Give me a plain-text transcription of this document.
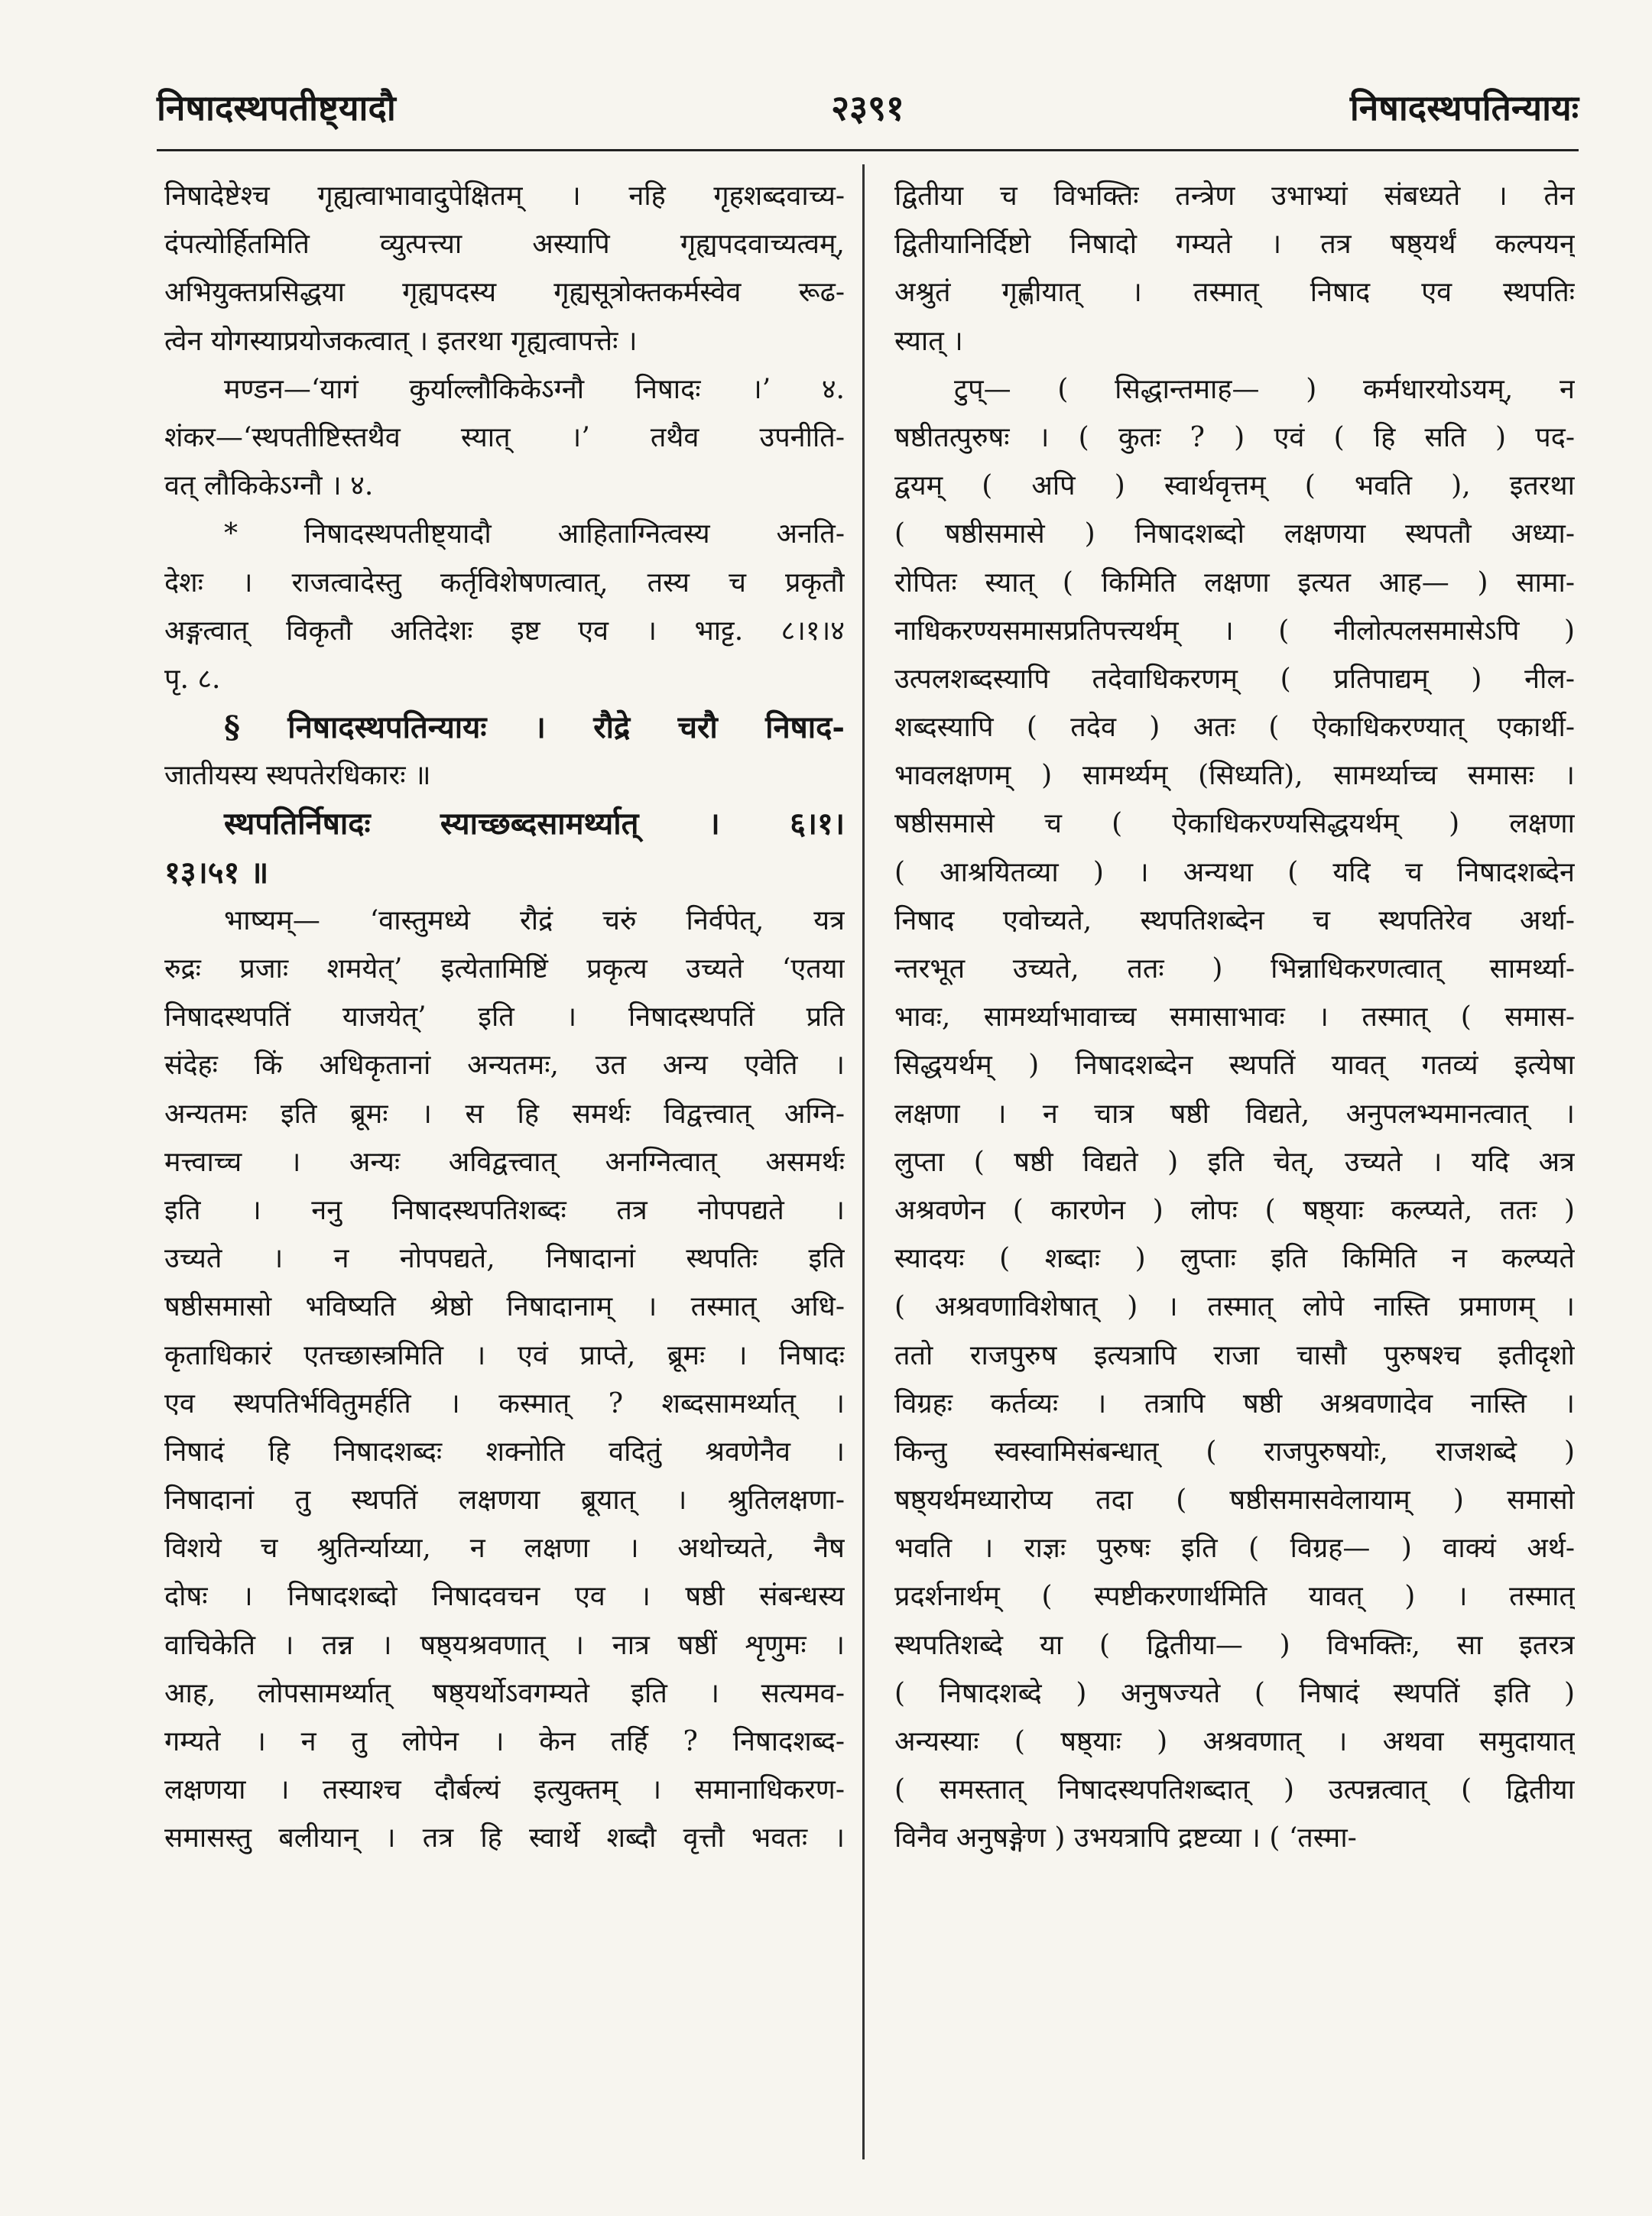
निषादस्थपतीष्ट्यादौ	२३९१	निषादस्थपतिन्यायः
निषादेष्टेश्च गृह्यत्वाभावादुपेक्षितम् । नहि गृहशब्दवाच्य-
दंपत्योर्हितमिति व्युत्पत्त्या अस्यापि गृह्यपदवाच्यत्वम्,
अभियुक्तप्रसिद्धया गृह्यपदस्य गृह्यसूत्रोक्तकर्मस्वेव रूढ-
त्वेन योगस्याप्रयोजकत्वात् । इतरथा गृह्यत्वापत्तेः ।
मण्डन—‘यागं कुर्याल्लौकिकेऽग्नौ निषादः ।’ ४.
शंकर—‘स्थपतीष्टिस्तथैव स्यात् ।’ तथैव उपनीति-
वत् लौकिकेऽग्नौ । ४.
* निषादस्थपतीष्ट्यादौ आहिताग्नित्वस्य अनति-
देशः । राजत्वादेस्तु कर्तृविशेषणत्वात्, तस्य च प्रकृतौ
अङ्गत्वात् विकृतौ अतिदेशः इष्ट एव । भाट्ट. ८।१।४
पृ. ८.
§ निषादस्थपतिन्यायः । रौद्रे चरौ निषाद-
जातीयस्य स्थपतेरधिकारः ॥
स्थपतिर्निषादः स्याच्छब्दसामर्थ्यात् । ६।१।
१३।५१ ॥
भाष्यम्— ‘वास्तुमध्ये रौद्रं चरुं निर्वपेत्, यत्र
रुद्रः प्रजाः शमयेत्’ इत्येतामिष्टिं प्रकृत्य उच्यते ‘एतया
निषादस्थपतिं याजयेत्’ इति । निषादस्थपतिं प्रति
संदेहः किं अधिकृतानां अन्यतमः, उत अन्य एवेति ।
अन्यतमः इति ब्रूमः । स हि समर्थः विद्वत्त्वात् अग्नि-
मत्त्वाच्च । अन्यः अविद्वत्त्वात् अनग्नित्वात् असमर्थः
इति । ननु निषादस्थपतिशब्दः तत्र नोपपद्यते ।
उच्यते । न नोपपद्यते, निषादानां स्थपतिः इति
षष्ठीसमासो भविष्यति श्रेष्ठो निषादानाम् । तस्मात् अधि-
कृताधिकारं एतच्छास्त्रमिति । एवं प्राप्ते, ब्रूमः । निषादः
एव स्थपतिर्भवितुमर्हति । कस्मात् ? शब्दसामर्थ्यात् ।
निषादं हि निषादशब्दः शक्नोति वदितुं श्रवणेनैव ।
निषादानां तु स्थपतिं लक्षणया ब्रूयात् । श्रुतिलक्षणा-
विशये च श्रुतिर्न्याय्या, न लक्षणा । अथोच्यते, नैष
दोषः । निषादशब्दो निषादवचन एव । षष्ठी संबन्धस्य
वाचिकेति । तन्न । षष्ठ्यश्रवणात् । नात्र षष्ठीं शृणुमः ।
आह, लोपसामर्थ्यात् षष्ठ्यर्थोऽवगम्यते इति । सत्यमव-
गम्यते । न तु लोपेन । केन तर्हि ? निषादशब्द-
लक्षणया । तस्याश्च दौर्बल्यं इत्युक्तम् । समानाधिकरण-
समासस्तु बलीयान् । तत्र हि स्वार्थे शब्दौ वृत्तौ भवतः ।
द्वितीया च विभक्तिः तन्त्रेण उभाभ्यां संबध्यते । तेन
द्वितीयानिर्दिष्टो निषादो गम्यते । तत्र षष्ठ्यर्थं कल्पयन्
अश्रुतं गृह्णीयात् । तस्मात् निषाद एव स्थपतिः
स्यात् ।
टुप्— ( सिद्धान्तमाह— ) कर्मधारयोऽयम्, न
षष्ठीतत्पुरुषः । ( कुतः ? ) एवं ( हि सति ) पद-
द्वयम् ( अपि ) स्वार्थवृत्तम् ( भवति ), इतरथा
( षष्ठीसमासे ) निषादशब्दो लक्षणया स्थपतौ अध्या-
रोपितः स्यात् ( किमिति लक्षणा इत्यत आह— ) सामा-
नाधिकरण्यसमासप्रतिपत्त्यर्थम् । ( नीलोत्पलसमासेऽपि )
उत्पलशब्दस्यापि तदेवाधिकरणम् ( प्रतिपाद्यम् ) नील-
शब्दस्यापि ( तदेव ) अतः ( ऐकाधिकरण्यात् एकार्थी-
भावलक्षणम् ) सामर्थ्यम् (सिध्यति), सामर्थ्याच्च समासः ।
षष्ठीसमासे च ( ऐकाधिकरण्यसिद्धयर्थम् ) लक्षणा
( आश्रयितव्या ) । अन्यथा ( यदि च निषादशब्देन
निषाद एवोच्यते, स्थपतिशब्देन च स्थपतिरेव अर्था-
न्तरभूत उच्यते, ततः ) भिन्नाधिकरणत्वात् सामर्थ्या-
भावः, सामर्थ्याभावाच्च समासाभावः । तस्मात् ( समास-
सिद्धयर्थम् ) निषादशब्देन स्थपतिं यावत् गतव्यं इत्येषा
लक्षणा । न चात्र षष्ठी विद्यते, अनुपलभ्यमानत्वात् ।
लुप्ता ( षष्ठी विद्यते ) इति चेत्, उच्यते । यदि अत्र
अश्रवणेन ( कारणेन ) लोपः ( षष्ठ्याः कल्प्यते, ततः )
स्यादयः ( शब्दाः ) लुप्ताः इति किमिति न कल्प्यते
( अश्रवणाविशेषात् ) । तस्मात् लोपे नास्ति प्रमाणम् ।
ततो राजपुरुष इत्यत्रापि राजा चासौ पुरुषश्च इतीदृशो
विग्रहः कर्तव्यः । तत्रापि षष्ठी अश्रवणादेव नास्ति ।
किन्तु स्वस्वामिसंबन्धात् ( राजपुरुषयोः, राजशब्दे )
षष्ठ्यर्थमध्यारोप्य तदा ( षष्ठीसमासवेलायाम् ) समासो
भवति । राज्ञः पुरुषः इति ( विग्रह— ) वाक्यं अर्थ-
प्रदर्शनार्थम् ( स्पष्टीकरणार्थमिति यावत् ) । तस्मात्
स्थपतिशब्दे या ( द्वितीया— ) विभक्तिः, सा इतरत्र
( निषादशब्दे ) अनुषज्यते ( निषादं स्थपतिं इति )
अन्यस्याः ( षष्ठ्याः ) अश्रवणात् । अथवा समुदायात्
( समस्तात् निषादस्थपतिशब्दात् ) उत्पन्नत्वात् ( द्वितीया
विनैव अनुषङ्गेण ) उभयत्रापि द्रष्टव्या । ( ‘तस्मा-
